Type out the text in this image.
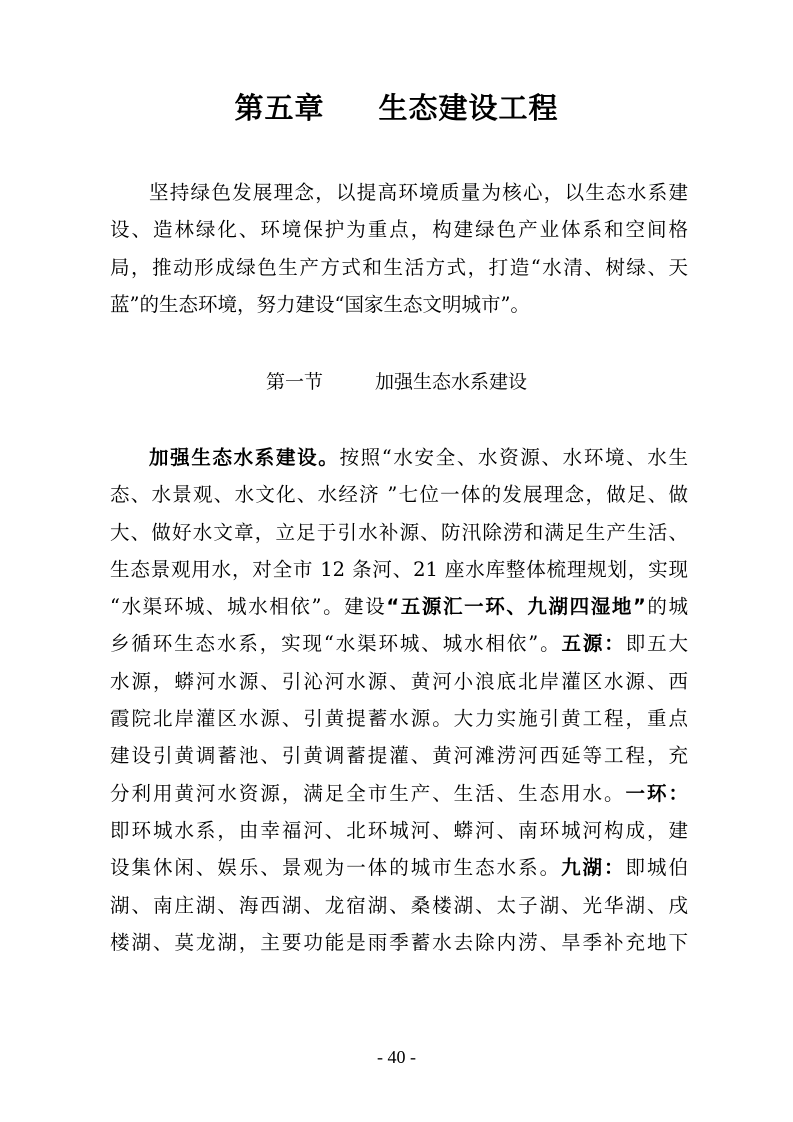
第五章 生态建设工程
坚持绿色发展理念，以提高环境质量为核心，以生态水系建
设、造林绿化、环境保护为重点，构建绿色产业体系和空间格
局，推动形成绿色生产方式和生活方式，打造“水清、树绿、天
蓝”的生态环境，努力建设“国家生态文明城市”。
第一节	加强生态水系建设
加强生态水系建设。按照“水安全、水资源、水环境、水生
态、水景观、水文化、水经济 ”七位一体的发展理念，做足、做
大、做好水文章，立足于引水补源、防汛除涝和满足生产生活、
生态景观用水，对全市 12 条河、21 座水库整体梳理规划，实现
“水渠环城、城水相依”。建设“五源汇一环、九湖四湿地”的城
乡循环生态水系，实现“水渠环城、城水相依”。五源：即五大
水源，蟒河水源、引沁河水源、黄河小浪底北岸灌区水源、西
霞院北岸灌区水源、引黄提蓄水源。大力实施引黄工程，重点
建设引黄调蓄池、引黄调蓄提灌、黄河滩涝河西延等工程，充
分利用黄河水资源，满足全市生产、生活、生态用水。一环：
即环城水系，由幸福河、北环城河、蟒河、南环城河构成，建
设集休闲、娱乐、景观为一体的城市生态水系。九湖：即城伯
湖、南庄湖、海西湖、龙宿湖、桑楼湖、太子湖、光华湖、戌
楼湖、莫龙湖，主要功能是雨季蓄水去除内涝、旱季补充地下
- 40 -
